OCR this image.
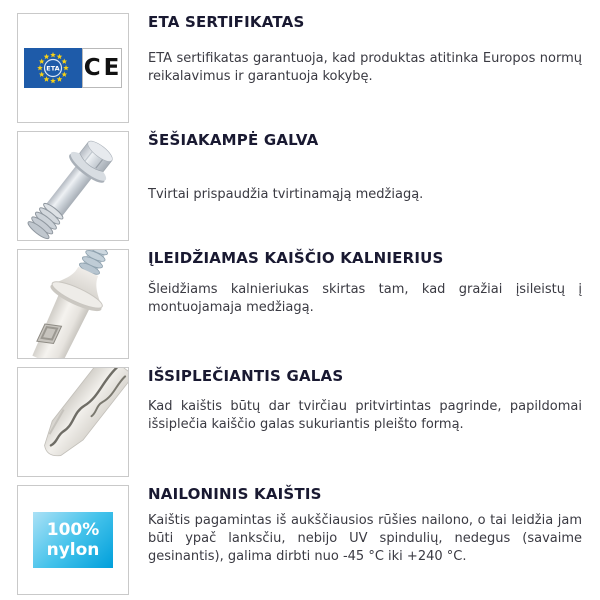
ETA CE
ETA SERTIFIKATAS

ETA sertifikatas garantuoja, kad produktas atitinka Europos normų reikalavimus ir garantuoja kokybę.

ŠEŠIAKAMPĖ GALVA

Tvirtai prispaudžia tvirtinamąją medžiagą.

ĮLEIDŽIAMAS KAIŠČIO KALNIERIUS

Šleidžiams kalnieriukas skirtas tam, kad gražiai įsileistų į montuojamaja medžiagą.

IŠSIPLEČIANTIS GALAS

Kad kaištis būtų dar tvirčiau pritvirtintas pagrinde, papildomai išsiplečia kaiščio galas sukuriantis pleišto formą.

100%
nylon
NAILONINIS KAIŠTIS

Kaištis pagamintas iš aukščiausios rūšies nailono, o tai leidžia jam būti ypač lanksčiu, nebijo UV spindulių, nedegus (savaime gesinantis), galima dirbti nuo -45 °C iki +240 °C.
